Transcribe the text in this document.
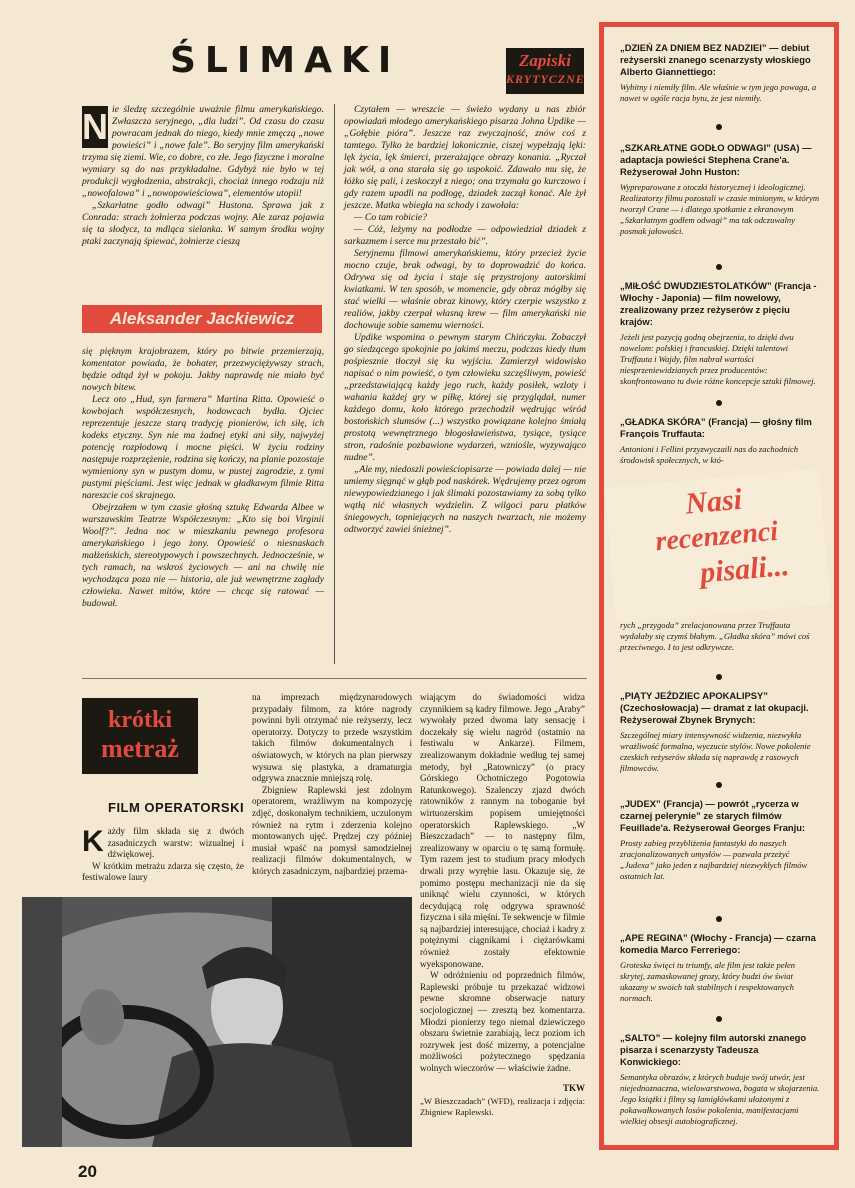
ŚLIMAKI	Zapiski
KRYTYCZNE
N ie śledzę szczególnie uważnie filmu amerykańskiego. Zwłaszcza seryjnego, „dla ludzi”. Od czasu do czasu powracam jednak do niego, kiedy mnie zmęczą „nowe powieści” i „nowe fale”. Bo seryjny film amerykański trzyma się ziemi. Wie, co dobre, co złe. Jego fizyczne i moralne wymiary są do nas przykładalne. Gdybyż nie było w tej produkcji wygłodzenia, abstrakcji, chociaż innego rodzaju niż „nowofalowa” i „nowopowieściowa”, elementów utopii!

„Szkarłatne godło odwagi” Hustona. Sprawa jak z Conrada: strach żołnierza podczas wojny. Ale zaraz pojawia się ta słodycz, ta mdląca sielanka. W samym środku wojny ptaki zaczynają śpiewać, żołnierze cieszą

Aleksander Jackiewicz

się pięknym krajobrazem, który po bitwie przemierzają, komentator powiada, że bohater, przezwyciężywszy strach, będzie odtąd żył w pokoju. Jakby naprawdę nie miało być nowych bitew.

Lecz oto „Hud, syn farmera” Martina Ritta. Opowieść o kowbojach współczesnych, hodowcach bydła. Ojciec reprezentuje jeszcze starą tradycję pionierów, ich siłę, ich kodeks etyczny. Syn nie ma żadnej etyki ani siły, najwyżej potencję rozpłodową i mocne pięści. W życiu rodziny następuje rozprzężenie, rodzina się kończy, na planie pozostaje wymieniony syn w pustym domu, w pustej zagrodzie, z tymi pustymi pięściami. Jest więc jednak w gładkawym filmie Ritta nareszcie coś skrajnego.

Obejrzałem w tym czasie głośną sztukę Edwarda Albee w warszawskim Teatrze Współczesnym: „Kto się boi Virginii Woolf?”. Jedna noc w mieszkaniu pewnego profesora amerykańskiego i jego żony. Opowieść o niesnaskach małżeńskich, stereotypowych i powszechnych. Jednocześnie, w tych ramach, na wskroś życiowych — ani na chwilę nie wychodząca poza nie — historia, ale już wewnętrzne zagłady człowieka. Nawet mitów, które — chcąc się ratować — budował.

Czytałem — wreszcie — świeżo wydany u nas zbiór opowiadań młodego amerykańskiego pisarza Johna Updike — „Gołębie pióra”. Jeszcze raz zwyczajność, znów coś z tamtego. Tylko że bardziej lakonicznie, ciszej wypełzają lęki: lęk życia, lęk śmierci, przerażające obrazy konania. „Ryczał jak wół, a ona starała się go uspokoić. Zdawało mu się, że łóżko się pali, i zeskoczył z niego; ona trzymała go kurczowo i gdy razem upadli na podłogę, dziadek zaczął konać. Ale żył jeszcze. Matka wbiegła na schody i zawołała:

— Co tam robicie?

— Cóż, leżymy na podłodze — odpowiedział dziadek z sarkazmem i serce mu przestało bić”.

Seryjnemu filmowi amerykańskiemu, który przecież życie mocno czuje, brak odwagi, by to doprowadzić do końca. Odrywa się od życia i staje się przystrojony autorskimi kwiatkami. W ten sposób, w momencie, gdy obraz mógłby się stać wielki — właśnie obraz kinowy, który czerpie wszystko z realiów, jakby czerpał własną krew — film amerykański nie dochowuje sobie samemu wierności.

Updike wspomina o pewnym starym Chińczyku. Zobaczył go siedzącego spokojnie po jakimś meczu, podczas kiedy tłum pośpiesznie tłoczył się ku wyjściu. Zamierzył widowisko napisać o nim powieść, o tym człowieku szczęśliwym, powieść „przedstawiającą każdy jego ruch, każdy posiłek, wzloty i wahania każdej gry w piłkę, której się przyglądał, numer każdego domu, koło którego przechodził wędrując wśród bostońskich slumsów (...) wszystko powiązane kolejno śmiałą prostotą wewnętrznego błogosławieństwa, tysiące, tysiące stron, radośnie pozbawione wydarzeń, wzniośle, wyzywająco nudne”.

„Ale my, niedoszli powieściopisarze — powiada dalej — nie umiemy sięgnąć w głąb pod naskórek. Wędrujemy przez ogrom niewypowiedzianego i jak ślimaki pozostawiamy za sobą tylko wątłą nić własnych wydzielin. Z wilgoci paru płatków śniegowych, topniejących na naszych twarzach, nie możemy odtworzyć zawiei śnieżnej”.

krótki
metraż
FILM OPERATORSKI
K ażdy film składa się z dwóch zasadniczych warstw: wizualnej i dźwiękowej.

W krótkim metrażu zdarza się często, że festiwalowe laury

na imprezach międzynarodowych przypadały filmom, za które nagrody powinni byli otrzymać nie reżyserzy, lecz operatorzy. Dotyczy to przede wszystkim takich filmów dokumentalnych i oświatowych, w których na plan pierwszy wysuwa się plastyka, a dramaturgia odgrywa znacznie mniejszą rolę.

Zbigniew Raplewski jest zdolnym operatorem, wrażliwym na kompozycję zdjęć, doskonałym technikiem, uczulonym również na rytm i zderzenia kolejno montowanych ujęć. Prędzej czy później musiał wpaść na pomysł samodzielnej realizacji filmów dokumentalnych, w których zasadniczym, najbardziej przema-

wiającym do świadomości widza czynnikiem są kadry filmowe. Jego „Araby” wywołały przed dwoma laty sensację i doczekały się wielu nagród (ostatnio na festiwalu w Ankarze). Filmem, zrealizowanym dokładnie według tej samej metody, był „Ratowniczy” (o pracy Górskiego Ochotniczego Pogotowia Ratunkowego). Szalenczy zjazd dwóch ratowników z rannym na toboganie był wirtuozerskim popisem umiejętności operatorskich Raplewskiego. „W Bieszczadach” — to następny film, zrealizowany w oparciu o tę samą formułę. Tym razem jest to studium pracy młodych drwali przy wyrębie lasu. Okazuje się, że pomimo postępu mechanizacji nie da się uniknąć wielu czynności, w których decydującą rolę odgrywa sprawność fizyczna i siła mięśni. Te sekwencje w filmie są najbardziej interesujące, chociaż i kadry z potężnymi ciągnikami i ciężarówkami również zostały efektownie wyeksponowane.

W odróżnieniu od poprzednich filmów, Raplewski próbuje tu przekazać widzowi pewne skromne obserwacje natury socjologicznej — zresztą bez komentarza. Młodzi pionierzy tego niemal dziewiczego obszaru świetnie zarabiają, lecz poziom ich rozrywek jest dość mizerny, a potencjalne możliwości pożytecznego spędzania wolnych wieczorów — właściwie żadne.

TKW
„W Bieszczadach” (WFD), realizacja i zdjęcia: Zbigniew Raplewski.
20
„DZIEŃ ZA DNIEM BEZ NADZIEI” — debiut reżyserski znanego scenarzysty włoskiego Alberto Giannettiego:
Wybitny i niemiły film. Ale właśnie w tym jego powaga, a nawet w ogóle racja bytu, że jest niemiły.
„SZKARŁATNE GODŁO ODWAGI” (USA) — adaptacja powieści Stephena Crane'a. Reżyserował John Huston:
Wypreparowane z otoczki historycznej i ideologicznej. Realizatorzy filmu pozostali w czasie minionym, w którym tworzył Crane — i dlatego spotkanie z ekranowym „Szkarłatnym godłem odwagi” ma tak odczuwalny posmak jałowości.
„MIŁOŚĆ DWUDZIESTOLATKÓW” (Francja - Włochy - Japonia) — film nowelowy, zrealizowany przez reżyserów z pięciu krajów:
Jeżeli jest pozycją godną obejrzenia, to dzięki dwu nowelom: polskiej i francuskiej. Dzięki talentowi Truffauta i Wajdy, film nabrał wartości niesprzeniewidzianych przez producentów: skonfrontowano tu dwie różne koncepcje sztuki filmowej.
„GŁADKA SKÓRA” (Francja) — głośny film François Truffauta:
Antonioni i Fellini przyzwyczaili nas do zachodnich środowisk społecznych, w któ-
Nasi
recenzenci
pisali...
rych „przygoda” zrelacjonowana przez Truffauta wydałaby się czymś błahym. „Gładka skóra” mówi coś przeciwnego. I to jest odkrywcze.
„PIĄTY JEŹDZIEC APOKALIPSY” (Czechosłowacja) — dramat z lat okupacji. Reżyserował Zbynek Brynych:
Szczególnej miary intensywność widzenia, niezwykła wrażliwość formalna, wyczucie stylów. Nowe pokolenie czeskich reżyserów składa się naprawdę z rasowych filmowców.
„JUDEX” (Francja) — powrót „rycerza w czarnej pelerynie” ze starych filmów Feuillade'a. Reżyserował Georges Franju:
Prosty zabieg przybliżenia fantastyki do naszych zracjonalizowanych umysłów — pozwala przeżyć „Judexa” jako jeden z najbardziej niezwykłych filmów ostatnich lat.
„APE REGINA” (Włochy - Francja) — czarna komedia Marco Ferreriego:
Groteska święci tu triumfy, ale film jest także pełen skrytej, zamaskowanej grozy, który budzi ów świat ukazany w swoich tak stabilnych i respektowanych normach.
„SALTO” — kolejny film autorski znanego pisarza i scenarzysty Tadeusza Konwickiego:
Semantyka obrazów, z których buduje swój utwór, jest niejednoznaczna, wielowarstwowa, bogata w skojarzenia. Jego książki i filmy są lamigłówkami ułożonymi z pokawałkowanych losów pokolenia, manifestacjami wielkiej obsesji autobiograficznej.
